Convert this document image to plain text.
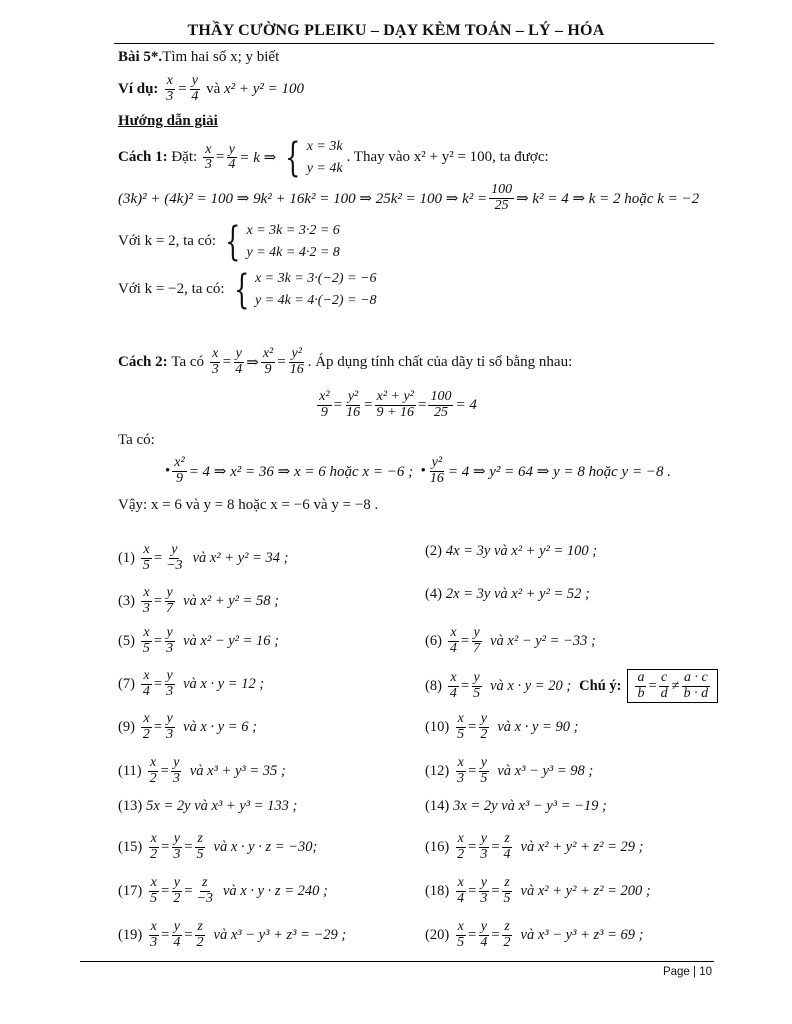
THẦY CƯỜNG PLEIKU – DẠY KÈM TOÁN – LÝ – HÓA
Bài 5*. Tìm hai số x; y biết
Ví dụ:
$\frac{x}{3} = \frac{y}{4}$
và
x² + y² = 100
Hướng dẫn giải
Cách 1:
Đặt:

x
$3 = \frac{y}{4} = k$ ⇒ { x = 3k
y = 4k
. Thay vào x² + y² = 100, ta được:
(3k)² + (4k)² = 100 ⇒ 9k² + 16k² = 100 ⇒ 25k² = 100 ⇒ $k^2 = \frac{100}{25}$ ⇒ k² = 4 ⇒ k = 2 hoặc k = −2
Với k = 2, ta có: { x = 3k = 3·2 = 6
y = 4k = 4·2 = 8
Với k = −2, ta có: { x = 3k = 3·(−2) = −6
y = 4k = 4·(−2) = −8
Cách 2:
Ta có

x
3 =
y
4 ⇒
x²
9 =
y²
16 . Áp dụng tính chất của dãy tỉ số bằng nhau:
x²
9 =
y²
16 =
x² + y²
$9 + 16 = \frac{100}{25} = 4$
Ta có:
• $\frac{\text{x²}}{9} = 4$ ⇒ x² = 36 ⇒ x = 6 hoặc x = −6 ;
• $\frac{\text{y²}}{16} = 4$ ⇒ y² = 64 ⇒ y = 8 hoặc y = −8 .
Vậy: x = 6 và y = 8 hoặc x = −6 và y = −8 .
(1)
x
5 =
y
−3 và x² + y² = 34 ;	(2) 4x = 3y và x² + y² = 100 ;
(3)
x
3 =
y
7 và x² + y² = 58 ;	(4) 2x = 3y và x² + y² = 52 ;
(5)
x
5 =
y
3 và x² − y² = 16 ;	(6)
x
4 =
y
7 và x² − y² = −33 ;
(7)
x
4 =
y
3 và x · y = 12 ;	(8)
x
4 =
y
5 và x · y = 20 ; Chú ý:
a
b =
c
d ≠
a · c
b · d
(9)
x
2 =
y
3 và x · y = 6 ;	(10)
x
5 =
y
2 và x · y = 90 ;
(11)
x
2 =
y
3 và x³ + y³ = 35 ;	(12)
x
3 =
y
5 và x³ − y³ = 98 ;
(13) 5x = 2y và x³ + y³ = 133 ;	(14) 3x = 2y và x³ − y³ = −19 ;
(15)
x
2 =
y
3 =
z
5 và x · y · z = −30;	(16)
x
2 =
y
3 =
z
4 và x² + y² + z² = 29 ;
(17)
x
5 =
y
2 =
z
−3 và x · y · z = 240 ;	(18)
x
4 =
y
3 =
z
5 và x² + y² + z² = 200 ;
(19)
x
3 =
y
4 =
z
2 và x³ − y³ + z³ = −29 ;	(20)
x
5 =
y
4 =
z
2 và x³ − y³ + z³ = 69 ;
Page | 10
